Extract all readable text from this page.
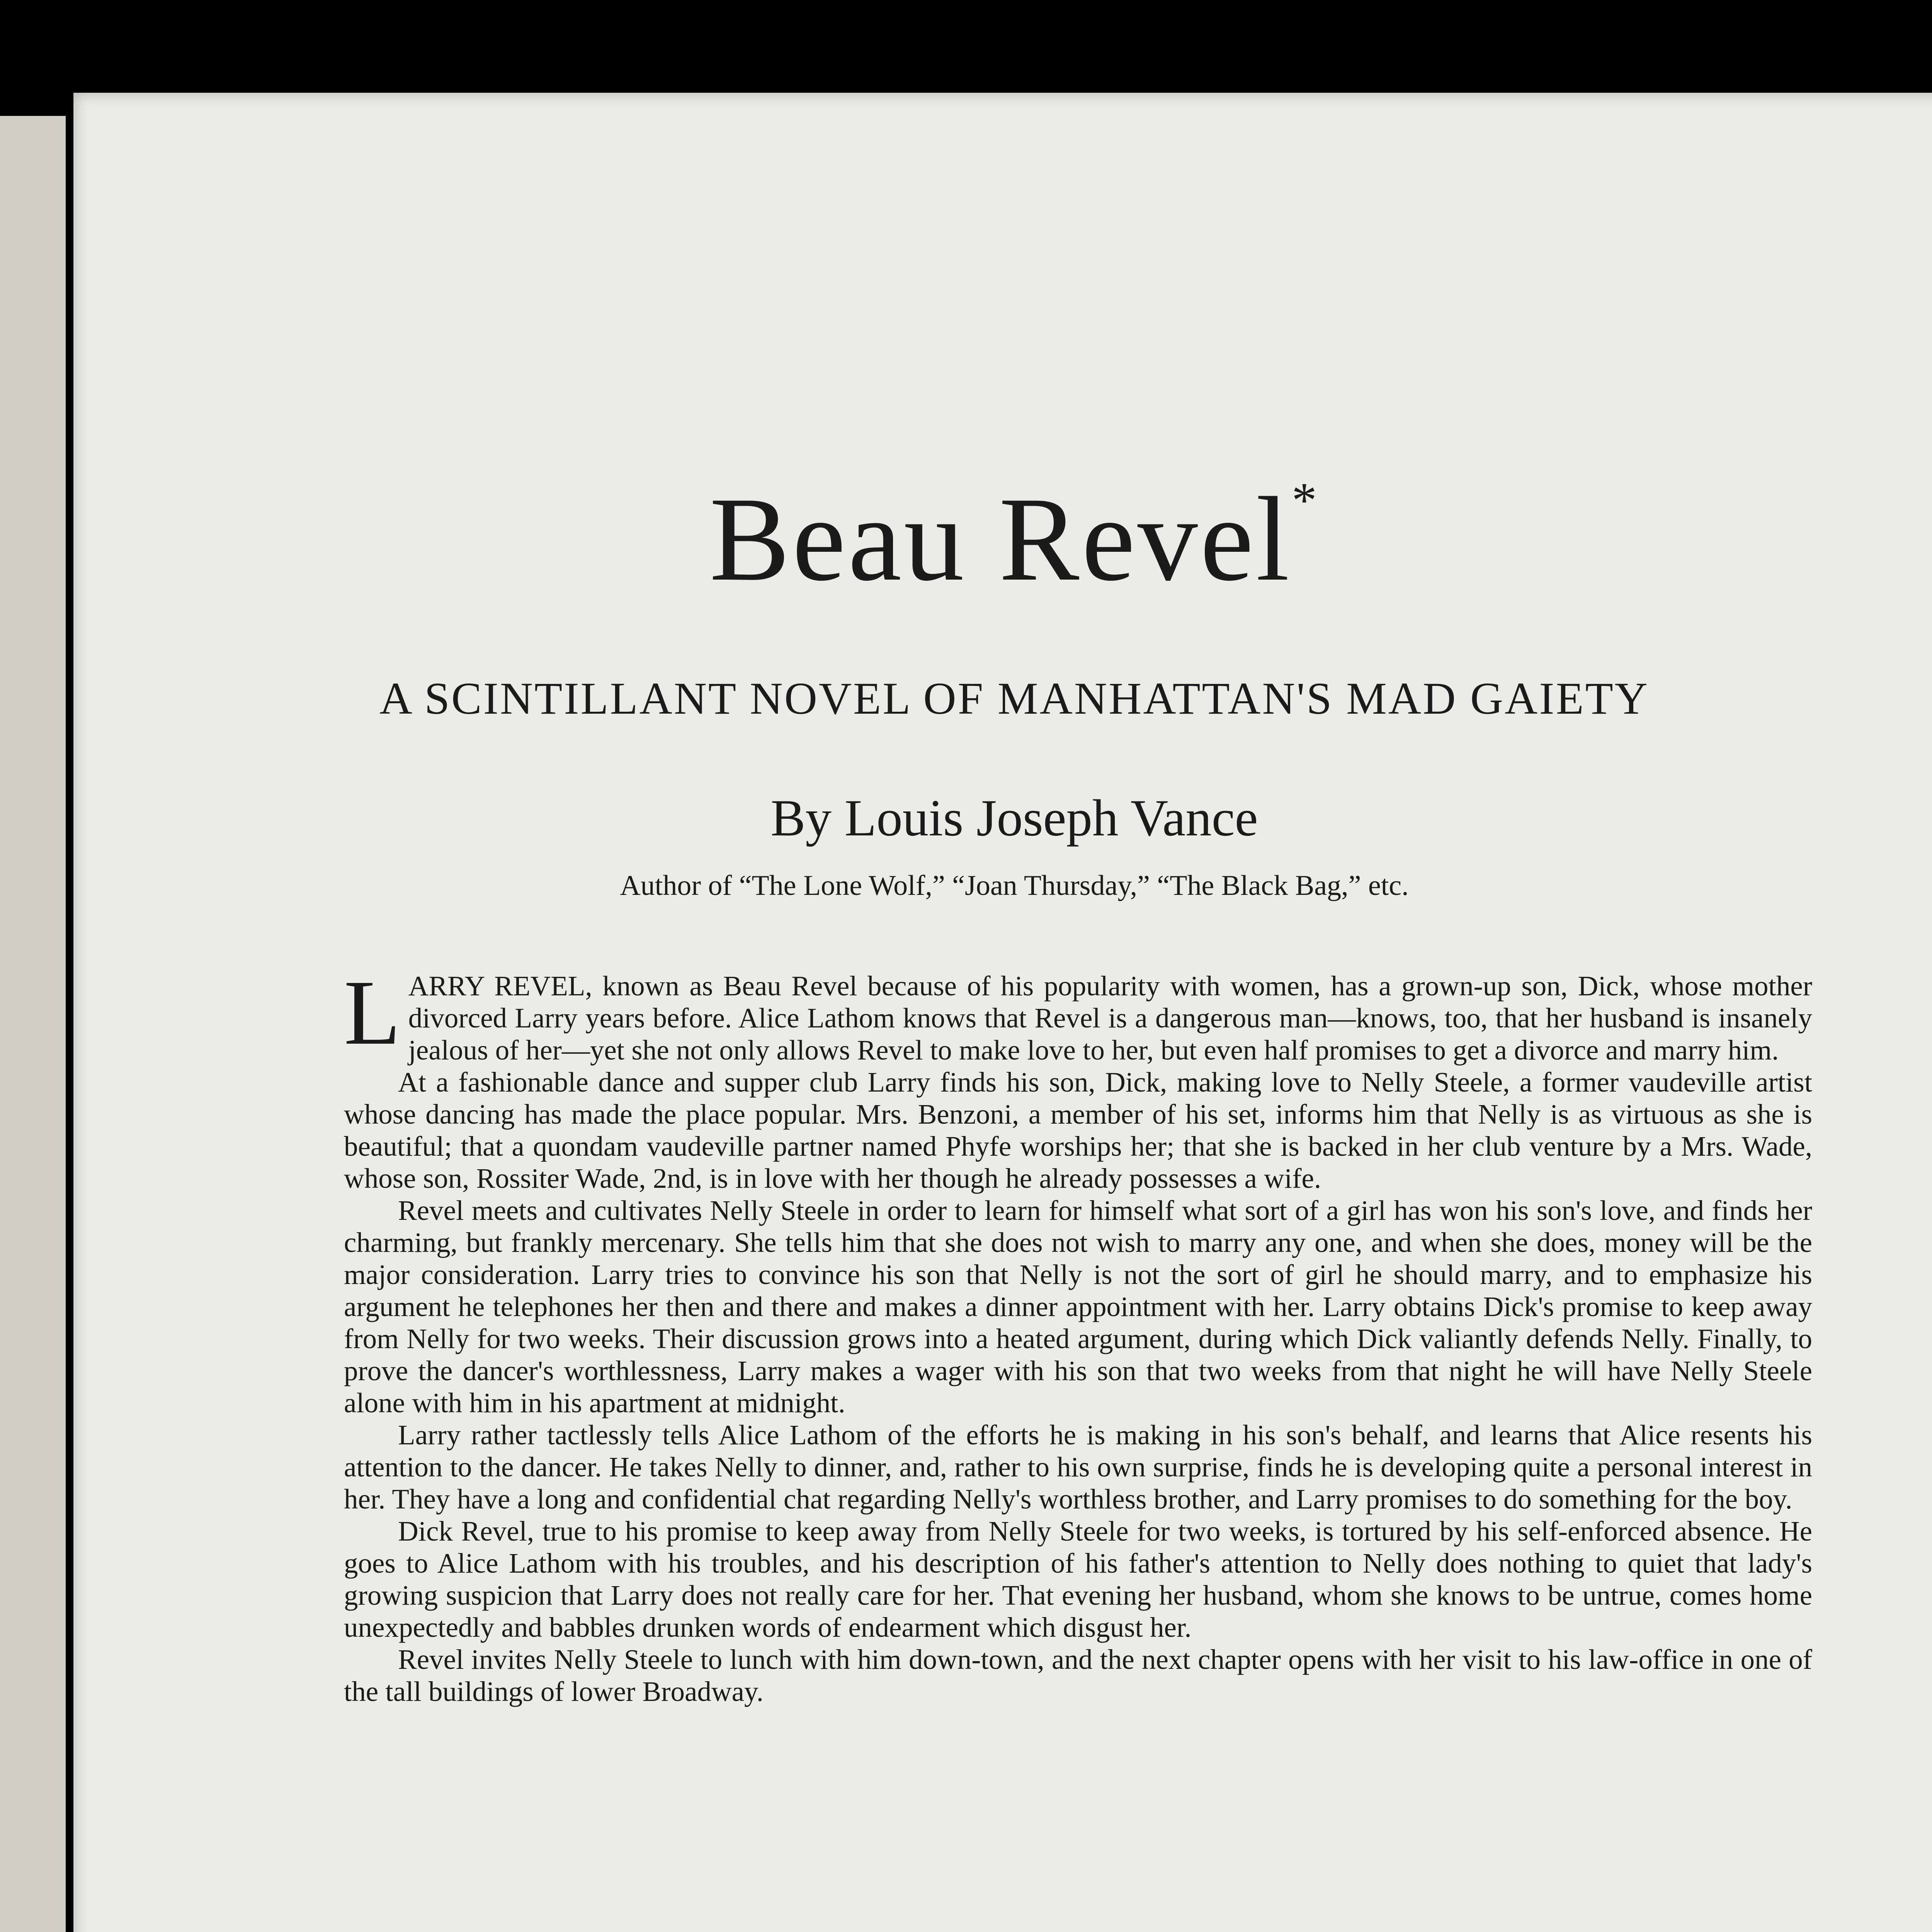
Beau Revel*
A SCINTILLANT NOVEL OF MANHATTAN'S MAD GAIETY
By Louis Joseph Vance
Author of “The Lone Wolf,” “Joan Thursday,” “The Black Bag,” etc.

LARRY REVEL, known as Beau Revel because of his popularity with women, has a grown-up son, Dick, whose mother divorced Larry years before. Alice Lathom knows that Revel is a dangerous man—knows, too, that her husband is insanely jealous of her—yet she not only allows Revel to make love to her, but even half promises to get a divorce and marry him.

At a fashionable dance and supper club Larry finds his son, Dick, making love to Nelly Steele, a former vaudeville artist whose dancing has made the place popular. Mrs. Benzoni, a member of his set, informs him that Nelly is as virtuous as she is beautiful; that a quondam vaudeville partner named Phyfe worships her; that she is backed in her club venture by a Mrs. Wade, whose son, Rossiter Wade, 2nd, is in love with her though he already possesses a wife.

Revel meets and cultivates Nelly Steele in order to learn for himself what sort of a girl has won his son's love, and finds her charming, but frankly mercenary. She tells him that she does not wish to marry any one, and when she does, money will be the major consideration. Larry tries to convince his son that Nelly is not the sort of girl he should marry, and to emphasize his argument he telephones her then and there and makes a dinner appointment with her. Larry obtains Dick's promise to keep away from Nelly for two weeks. Their discussion grows into a heated argument, during which Dick valiantly defends Nelly. Finally, to prove the dancer's worthlessness, Larry makes a wager with his son that two weeks from that night he will have Nelly Steele alone with him in his apartment at midnight.

Larry rather tactlessly tells Alice Lathom of the efforts he is making in his son's behalf, and learns that Alice resents his attention to the dancer. He takes Nelly to dinner, and, rather to his own surprise, finds he is developing quite a personal interest in her. They have a long and confidential chat regarding Nelly's worthless brother, and Larry promises to do something for the boy.

Dick Revel, true to his promise to keep away from Nelly Steele for two weeks, is tortured by his self-enforced absence. He goes to Alice Lathom with his troubles, and his description of his father's attention to Nelly does nothing to quiet that lady's growing suspicion that Larry does not really care for her. That evening her husband, whom she knows to be untrue, comes home unexpectedly and babbles drunken words of endearment which disgust her.

Revel invites Nelly Steele to lunch with him down-town, and the next chapter opens with her visit to his law-office in one of the tall buildings of lower Broadway.
